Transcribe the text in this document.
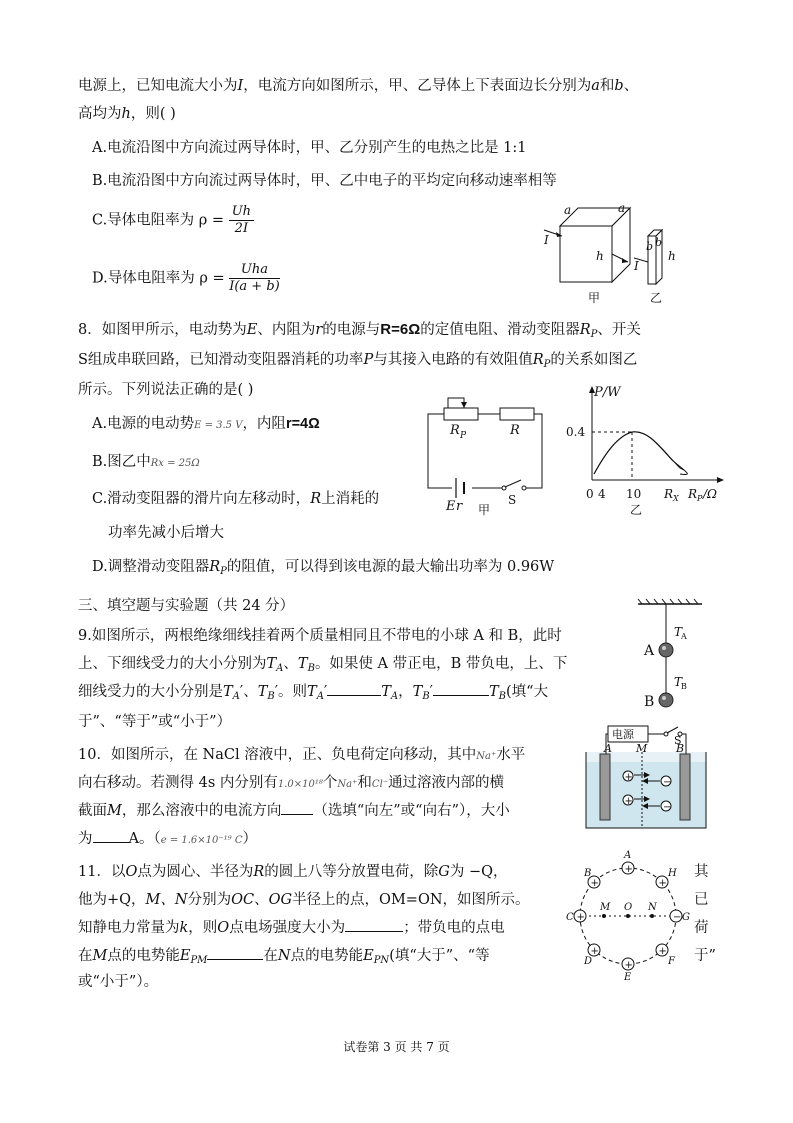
电源上，已知电流大小为I，电流方向如图所示，甲、乙导体上下表面边长分别为a和b、
高均为h，则( )
A.电流沿图中方向流过两导体时，甲、乙分别产生的电热之比是 1:1
B.电流沿图中方向流过两导体时，甲、乙中电子的平均定向移动速率相等
C.导体电阻率为 $\rho = \frac{Uh}{2I}$
D.导体电阻率为 $\rho = \frac{\text{Uha}}{I(a + b)}$
a	a
I
h
甲
b b
I
h
乙
8．如图甲所示，电动势为E、内阻为r的电源与R=6Ω的定值电阻、滑动变阻器$R_P$、开关
S组成串联回路，已知滑动变阻器消耗的功率P与其接入电路的有效阻值$R_P$的关系如图乙
所示。下列说法正确的是( )
A.电源的电动势E = 3.5 V，内阻r=4Ω
B.图乙中Rx = 25Ω
C.滑动变阻器的滑片向左移动时，R上消耗的
功率先减小后增大
D.调整滑动变阻器$R_P$的阻值，可以得到该电源的最大输出功率为 0.96W
R P	R
E r	S
甲
P/W
0.4
0 4 10 R X R P /Ω
乙
三、填空题与实验题（共 24 分）
9.如图所示，两根绝缘细线挂着两个质量相同且不带电的小球 A 和 B，此时
上、下细线受力的大小分别为$T_A$、$T_B$。如果使 A 带正电，B 带负电，上、下
细线受力的大小分别是$T_A'$、$T_B'$。则$T_A'$	$T_A$，$T_B'$	$T_B$(填“大
于”、“等于”或“小于”）
A
B
T
A
T
B
10．如图所示，在 NaCl 溶液中，正、负电荷定向移动，其中Na⁺水平
向右移动。若测得 4s 内分别有1.0×10¹⁸个Na⁺和Cl⁻通过溶液内部的横
截面M，那么溶液中的电流方向 （选填“向左”或“向右”），大小
为 A。（e = 1.6×10⁻¹⁹ C）
电源	S
A M	B
+	−
+
−
11．以O点为圆心、半径为R的圆上八等分放置电荷，除G为 −Q，	其
他为+Q，M、N分别为OC、OG半径上的点，OM=ON，如图所示。	已
知静电力常量为k，则O点电场强度大小为	；带负电的点电	荷
在M点的电势能$E_{PM}$	在N点的电势能$E_{PN}$(填“大于”、“等	于”
或“小于”）。
+
+
+
+	−
+	+
+
A
B
C
D
E
F
G
H
M O N
试卷第 3 页 共 7 页
